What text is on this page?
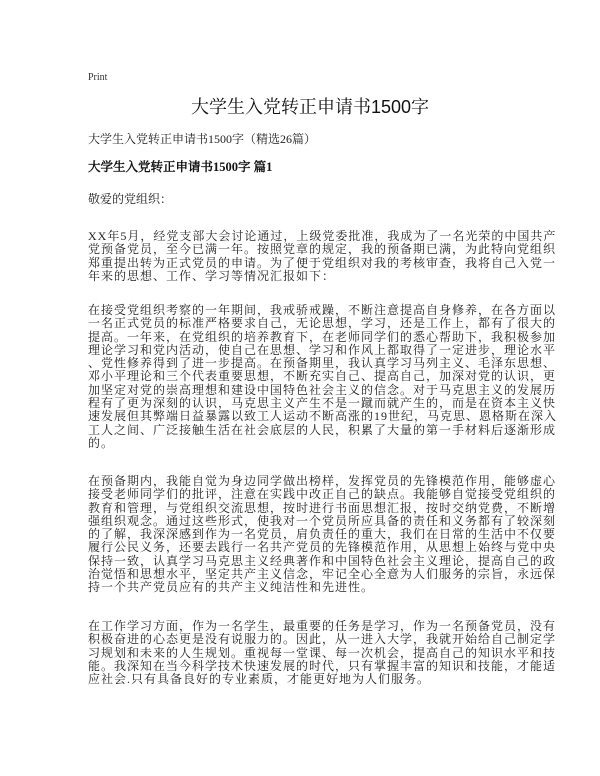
Print
大学生入党转正申请书1500字
大学生入党转正申请书1500字（精选26篇）
大学生入党转正申请书1500字 篇1
敬爱的党组织：
XX年5月，经党支部大会讨论通过，上级党委批准，我成为了一名光荣的中国共产
党预备党员，至今已满一年。按照党章的规定，我的预备期已满，为此特向党组织
郑重提出转为正式党员的申请。为了便于党组织对我的考核审查，我将自己入党一
年来的思想、工作、学习等情况汇报如下：
在接受党组织考察的一年期间，我戒骄戒躁，不断注意提高自身修养，在各方面以
一名正式党员的标准严格要求自己，无论思想，学习，还是工作上，都有了很大的
提高。一年来，在党组织的培养教育下，在老师同学们的悉心帮助下，我积极参加
理论学习和党内活动，使自己在思想、学习和作风上都取得了一定进步，理论水平
、党性修养得到了进一步提高。在预备期里，我认真学习马列主义、毛泽东思想、
邓小平理论和三个代表重要思想，不断充实自己、提高自己，加深对党的认识，更
加坚定对党的崇高理想和建设中国特色社会主义的信念。对于马克思主义的发展历
程有了更为深刻的认识，马克思主义产生不是一蹴而就产生的，而是在资本主义快
速发展但其弊端日益暴露以致工人运动不断高涨的19世纪，马克思、恩格斯在深入
工人之间、广泛接触生活在社会底层的人民，积累了大量的第一手材料后逐渐形成
的。
在预备期内，我能自觉为身边同学做出榜样，发挥党员的先锋模范作用，能够虚心
接受老师同学们的批评，注意在实践中改正自己的缺点。我能够自觉接受党组织的
教育和管理，与党组织交流思想，按时进行书面思想汇报，按时交纳党费，不断增
强组织观念。通过这些形式，使我对一个党员所应具备的责任和义务都有了较深刻
的了解，我深深感到作为一名党员，肩负责任的重大，我们在日常的生活中不仅要
履行公民义务，还要去践行一名共产党员的先锋模范作用，从思想上始终与党中央
保持一致，认真学习马克思主义经典著作和中国特色社会主义理论，提高自己的政
治觉悟和思想水平，坚定共产主义信念，牢记全心全意为人们服务的宗旨，永远保
持一个共产党员应有的共产主义纯洁性和先进性。
在工作学习方面，作为一名学生，最重要的任务是学习，作为一名预备党员，没有
积极奋进的心态更是没有说服力的。因此，从一进入大学，我就开始给自己制定学
习规划和未来的人生规划。重视每一堂课、每一次机会，提高自己的知识水平和技
能。我深知在当今科学技术快速发展的时代，只有掌握丰富的知识和技能，才能适
应社会.只有具备良好的专业素质，才能更好地为人们服务。
